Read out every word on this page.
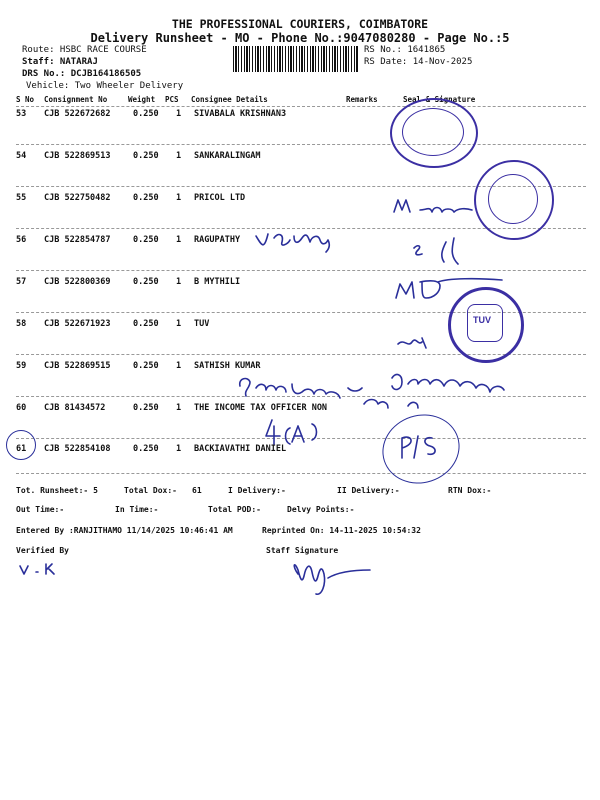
THE PROFESSIONAL COURIERS, COIMBATORE
Delivery Runsheet - MO - Phone No.:9047080280 - Page No.:5
Route: HSBC RACE COURSE
Staff: NATARAJ
DRS No.: DCJB164186505
Vehicle: Two Wheeler Delivery
RS No.: 1641865
RS Date: 14-Nov-2025
S No Consignment No	Weight PCS Consignee Details	Remarks	Seal & Signature
53 CJB 522672682	0.250 1 SIVABALA KRISHNAN3
54 CJB 522869513	0.250 1 SANKARALINGAM
55 CJB 522750482	0.250 1 PRICOL LTD
56 CJB 522854787	0.250 1 RAGUPATHY
57 CJB 522800369	0.250 1 B MYTHILI
58 CJB 522671923	0.250 1 TUV
59 CJB 522869515	0.250 1 SATHISH KUMAR
60 CJB 81434572	0.250 1 THE INCOME TAX OFFICER NON
61 CJB 522854108	0.250 1 BACKIAVATHI DANIEL
Tot. Runsheet:- 5	Total Dox:- 61	I Delivery:-	II Delivery:-	RTN Dox:-
Out Time:-	In Time:-	Total POD:-	Delvy Points:-
Entered By :RANJITHAMO 11/14/2025 10:46:41 AM	Reprinted On: 14-11-2025 10:54:32
Verified By	Staff Signature
TUV
